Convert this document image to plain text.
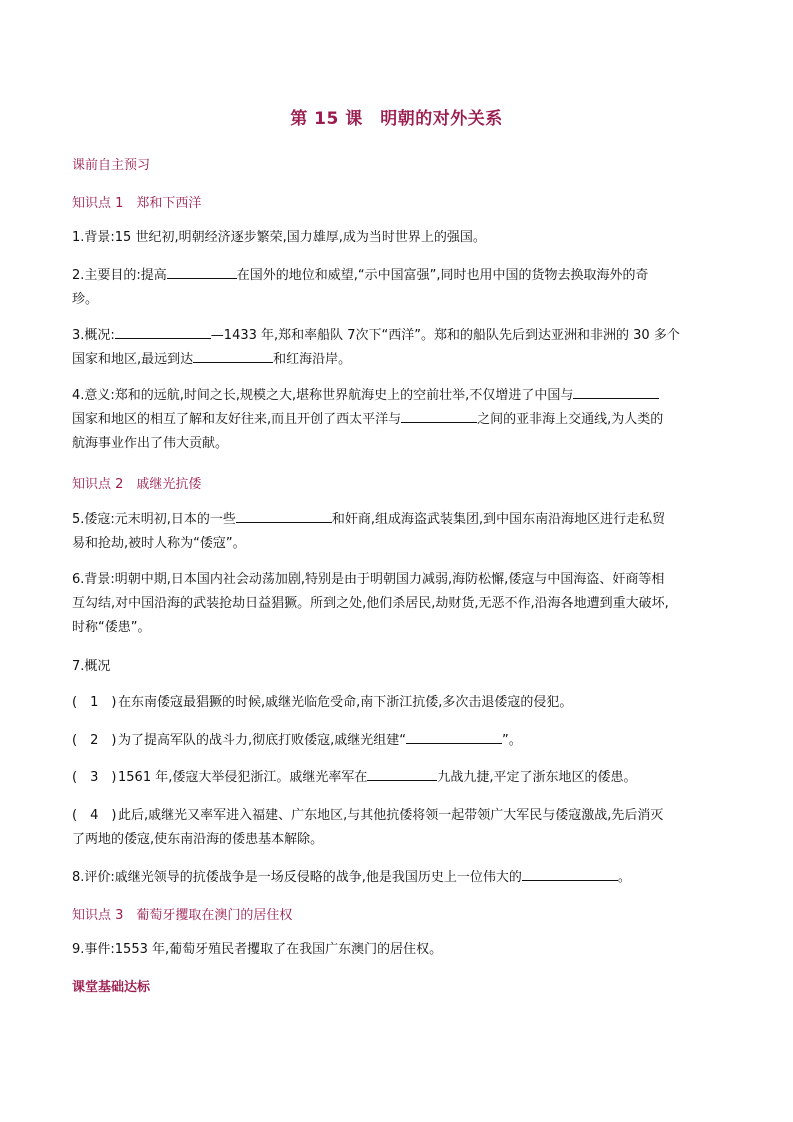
第 15 课　明朝的对外关系
课前自主预习
知识点 1　郑和下西洋
1.背景:15 世纪初,明朝经济逐步繁荣,国力雄厚,成为当时世界上的强国。
2.主要目的:提高	在国外的地位和威望,“示中国富强”,同时也用中国的货物去换取海外的奇
珍。
3.概况:	—1433 年,郑和率船队 7次下“西洋”。郑和的船队先后到达亚洲和非洲的 30 多个
国家和地区,最远到达	和红海沿岸。
4.意义:郑和的远航,时间之长,规模之大,堪称世界航海史上的空前壮举,不仅增进了中国与
国家和地区的相互了解和友好往来,而且开创了西太平洋与	之间的亚非海上交通线,为人类的
航海事业作出了伟大贡献。
知识点 2　戚继光抗倭
5.倭寇:元末明初,日本的一些	和奸商,组成海盗武装集团,到中国东南沿海地区进行走私贸
易和抢劫,被时人称为“倭寇”。
6.背景:明朝中期,日本国内社会动荡加剧,特别是由于明朝国力减弱,海防松懈,倭寇与中国海盗、奸商等相
互勾结,对中国沿海的武装抢劫日益猖獗。所到之处,他们杀居民,劫财货,无恶不作,沿海各地遭到重大破坏,
时称“倭患”。
7.概况
(　1　) 在东南倭寇最猖獗的时候,戚继光临危受命,南下浙江抗倭,多次击退倭寇的侵犯。
(　2　) 为了提高军队的战斗力,彻底打败倭寇,戚继光组建“	”。
(　3　) 1561 年,倭寇大举侵犯浙江。戚继光率军在	九战九捷,平定了浙东地区的倭患。
(　4　) 此后,戚继光又率军进入福建、广东地区,与其他抗倭将领一起带领广大军民与倭寇激战,先后消灭
了两地的倭寇,使东南沿海的倭患基本解除。
8.评价:戚继光领导的抗倭战争是一场反侵略的战争,他是我国历史上一位伟大的	。
知识点 3　葡萄牙攫取在澳门的居住权
9.事件:1553 年,葡萄牙殖民者攫取了在我国广东澳门的居住权。
课堂基础达标
